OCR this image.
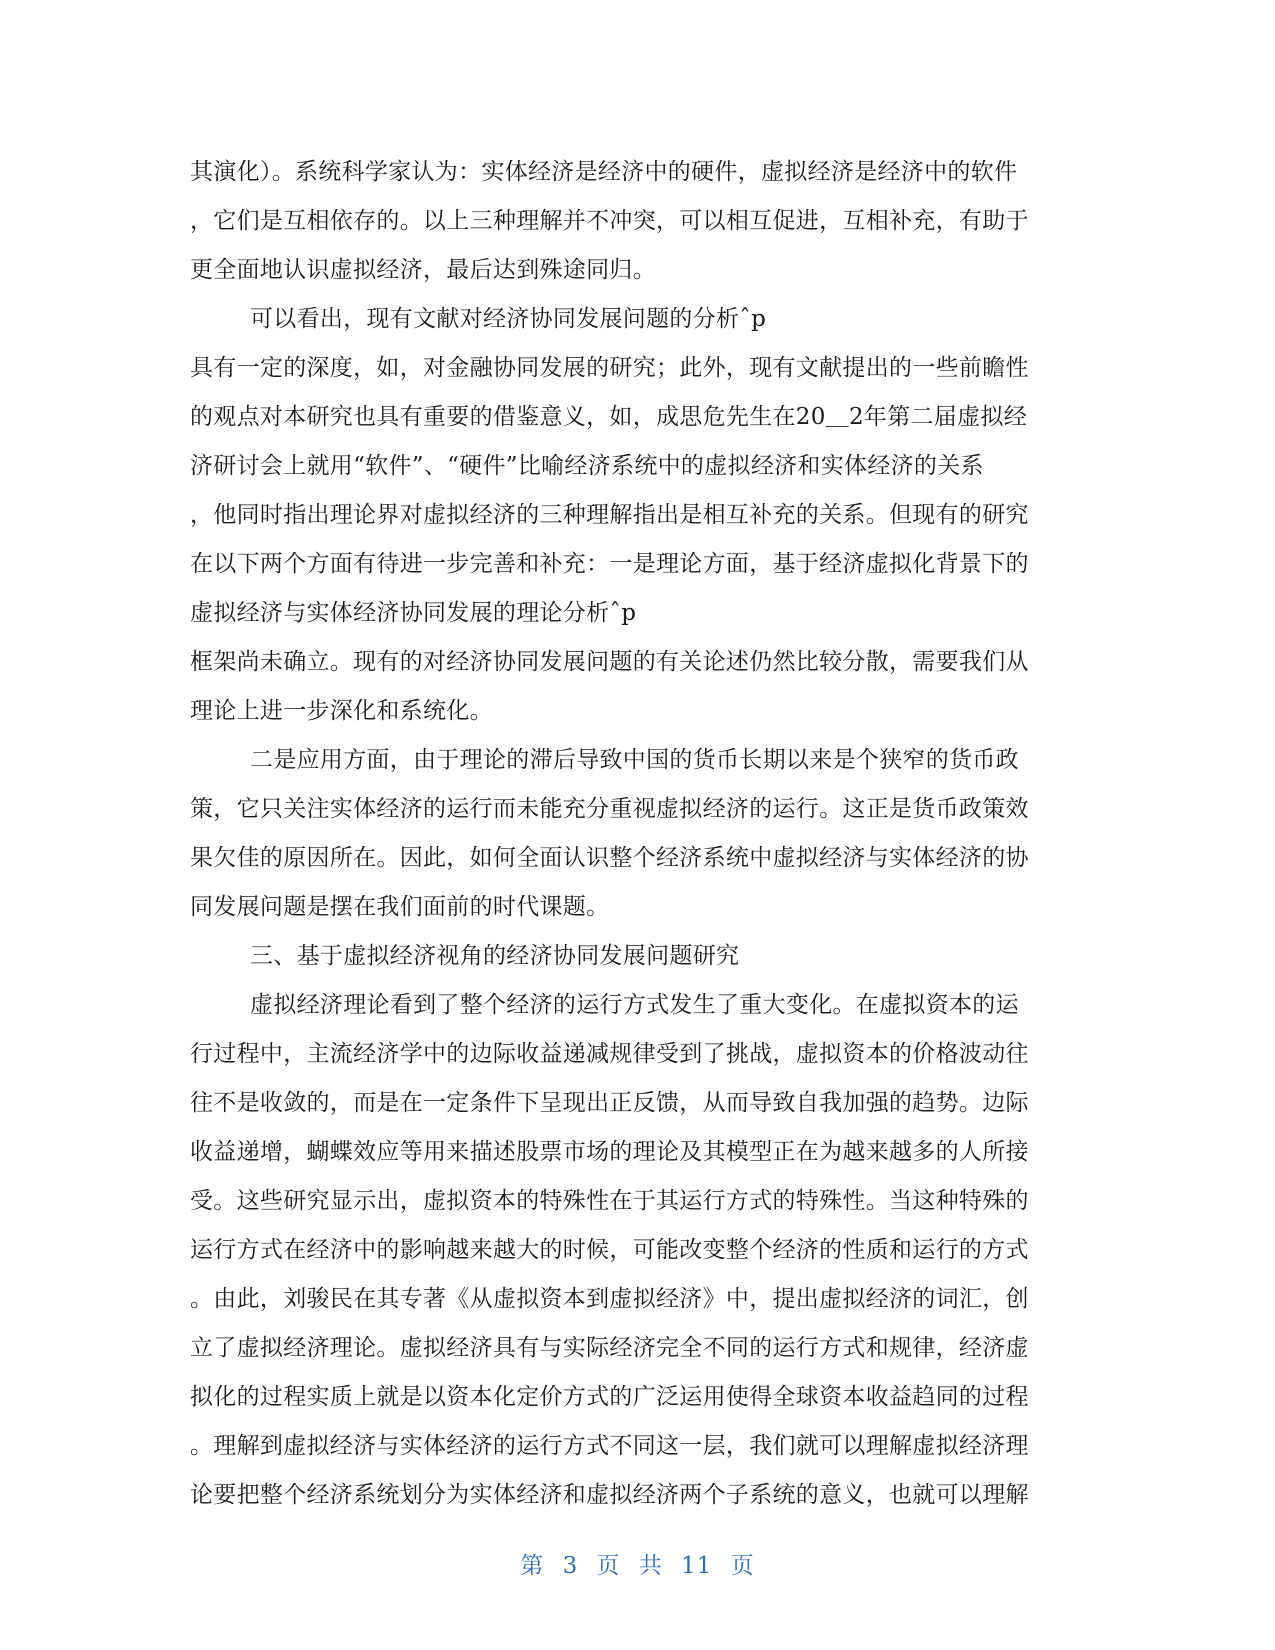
其演化）。系统科学家认为：实体经济是经济中的硬件，虚拟经济是经济中的软件
，它们是互相依存的。以上三种理解并不冲突，可以相互促进，互相补充，有助于
更全面地认识虚拟经济，最后达到殊途同归。
可以看出，现有文献对经济协同发展问题的分析ˆp
具有一定的深度，如，对金融协同发展的研究；此外，现有文献提出的一些前瞻性
的观点对本研究也具有重要的借鉴意义，如，成思危先生在20＿2年第二届虚拟经
济研讨会上就用“软件”、“硬件”比喻经济系统中的虚拟经济和实体经济的关系
，他同时指出理论界对虚拟经济的三种理解指出是相互补充的关系。但现有的研究
在以下两个方面有待进一步完善和补充：一是理论方面，基于经济虚拟化背景下的
虚拟经济与实体经济协同发展的理论分析ˆp
框架尚未确立。现有的对经济协同发展问题的有关论述仍然比较分散，需要我们从
理论上进一步深化和系统化。
二是应用方面，由于理论的滞后导致中国的货币长期以来是个狭窄的货币政
策，它只关注实体经济的运行而未能充分重视虚拟经济的运行。这正是货币政策效
果欠佳的原因所在。因此，如何全面认识整个经济系统中虚拟经济与实体经济的协
同发展问题是摆在我们面前的时代课题。
三、基于虚拟经济视角的经济协同发展问题研究
虚拟经济理论看到了整个经济的运行方式发生了重大变化。在虚拟资本的运
行过程中，主流经济学中的边际收益递减规律受到了挑战，虚拟资本的价格波动往
往不是收敛的，而是在一定条件下呈现出正反馈，从而导致自我加强的趋势。边际
收益递增，蝴蝶效应等用来描述股票市场的理论及其模型正在为越来越多的人所接
受。这些研究显示出，虚拟资本的特殊性在于其运行方式的特殊性。当这种特殊的
运行方式在经济中的影响越来越大的时候，可能改变整个经济的性质和运行的方式
。由此，刘骏民在其专著《从虚拟资本到虚拟经济》中，提出虚拟经济的词汇，创
立了虚拟经济理论。虚拟经济具有与实际经济完全不同的运行方式和规律，经济虚
拟化的过程实质上就是以资本化定价方式的广泛运用使得全球资本收益趋同的过程
。理解到虚拟经济与实体经济的运行方式不同这一层，我们就可以理解虚拟经济理
论要把整个经济系统划分为实体经济和虚拟经济两个子系统的意义，也就可以理解
第 3 页 共 11 页
